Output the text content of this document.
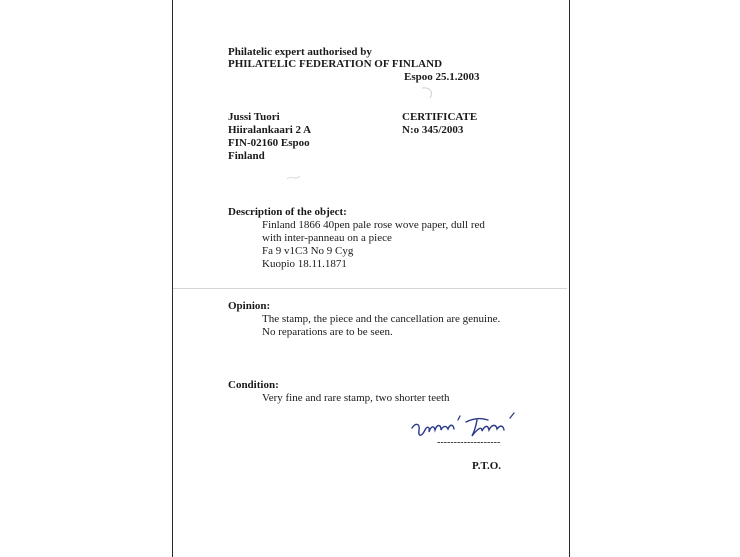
Philatelic expert authorised by
PHILATELIC FEDERATION OF FINLAND
Espoo 25.1.2003
Jussi Tuori
Hiiralankaari 2 A
FIN-02160 Espoo
Finland
CERTIFICATE
N:o 345/2003
Description of the object:
Finland 1866 40pen pale rose wove paper, dull red
with inter-panneau on a piece
Fa 9 v1C3 No 9 Cyg
Kuopio 18.11.1871
Opinion:
The stamp, the piece and the cancellation are genuine.
No reparations are to be seen.
Condition:
Very fine and rare stamp, two shorter teeth
-------------------
P.T.O.
